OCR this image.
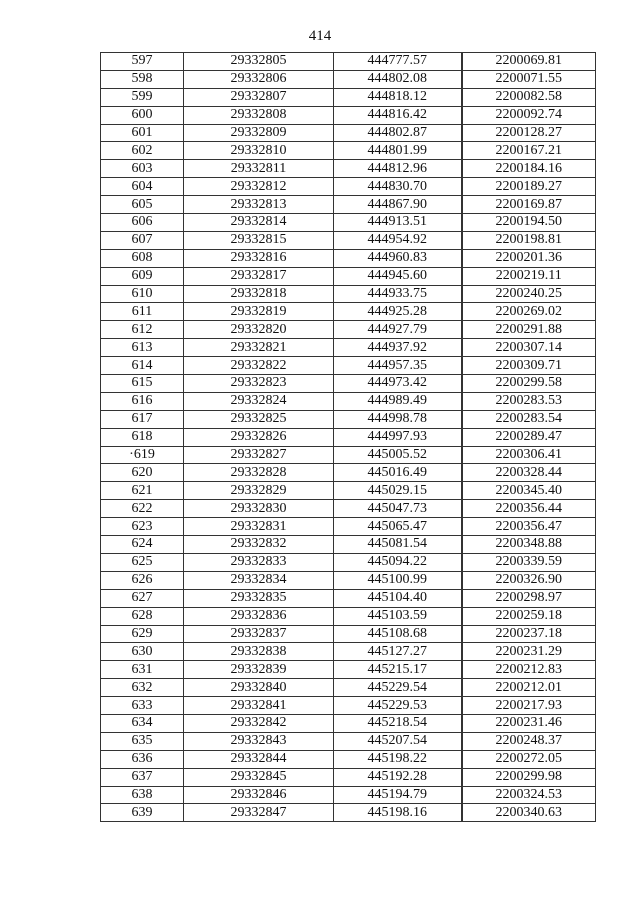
414
597	29332805	444777.57	2200069.81
598	29332806	444802.08	2200071.55
599	29332807	444818.12	2200082.58
600	29332808	444816.42	2200092.74
601	29332809	444802.87	2200128.27
602	29332810	444801.99	2200167.21
603	29332811	444812.96	2200184.16
604	29332812	444830.70	2200189.27
605	29332813	444867.90	2200169.87
606	29332814	444913.51	2200194.50
607	29332815	444954.92	2200198.81
608	29332816	444960.83	2200201.36
609	29332817	444945.60	2200219.11
610	29332818	444933.75	2200240.25
611	29332819	444925.28	2200269.02
612	29332820	444927.79	2200291.88
613	29332821	444937.92	2200307.14
614	29332822	444957.35	2200309.71
615	29332823	444973.42	2200299.58
616	29332824	444989.49	2200283.53
617	29332825	444998.78	2200283.54
618	29332826	444997.93	2200289.47
·619	29332827	445005.52	2200306.41
620	29332828	445016.49	2200328.44
621	29332829	445029.15	2200345.40
622	29332830	445047.73	2200356.44
623	29332831	445065.47	2200356.47
624	29332832	445081.54	2200348.88
625	29332833	445094.22	2200339.59
626	29332834	445100.99	2200326.90
627	29332835	445104.40	2200298.97
628	29332836	445103.59	2200259.18
629	29332837	445108.68	2200237.18
630	29332838	445127.27	2200231.29
631	29332839	445215.17	2200212.83
632	29332840	445229.54	2200212.01
633	29332841	445229.53	2200217.93
634	29332842	445218.54	2200231.46
635	29332843	445207.54	2200248.37
636	29332844	445198.22	2200272.05
637	29332845	445192.28	2200299.98
638	29332846	445194.79	2200324.53
639	29332847	445198.16	2200340.63
